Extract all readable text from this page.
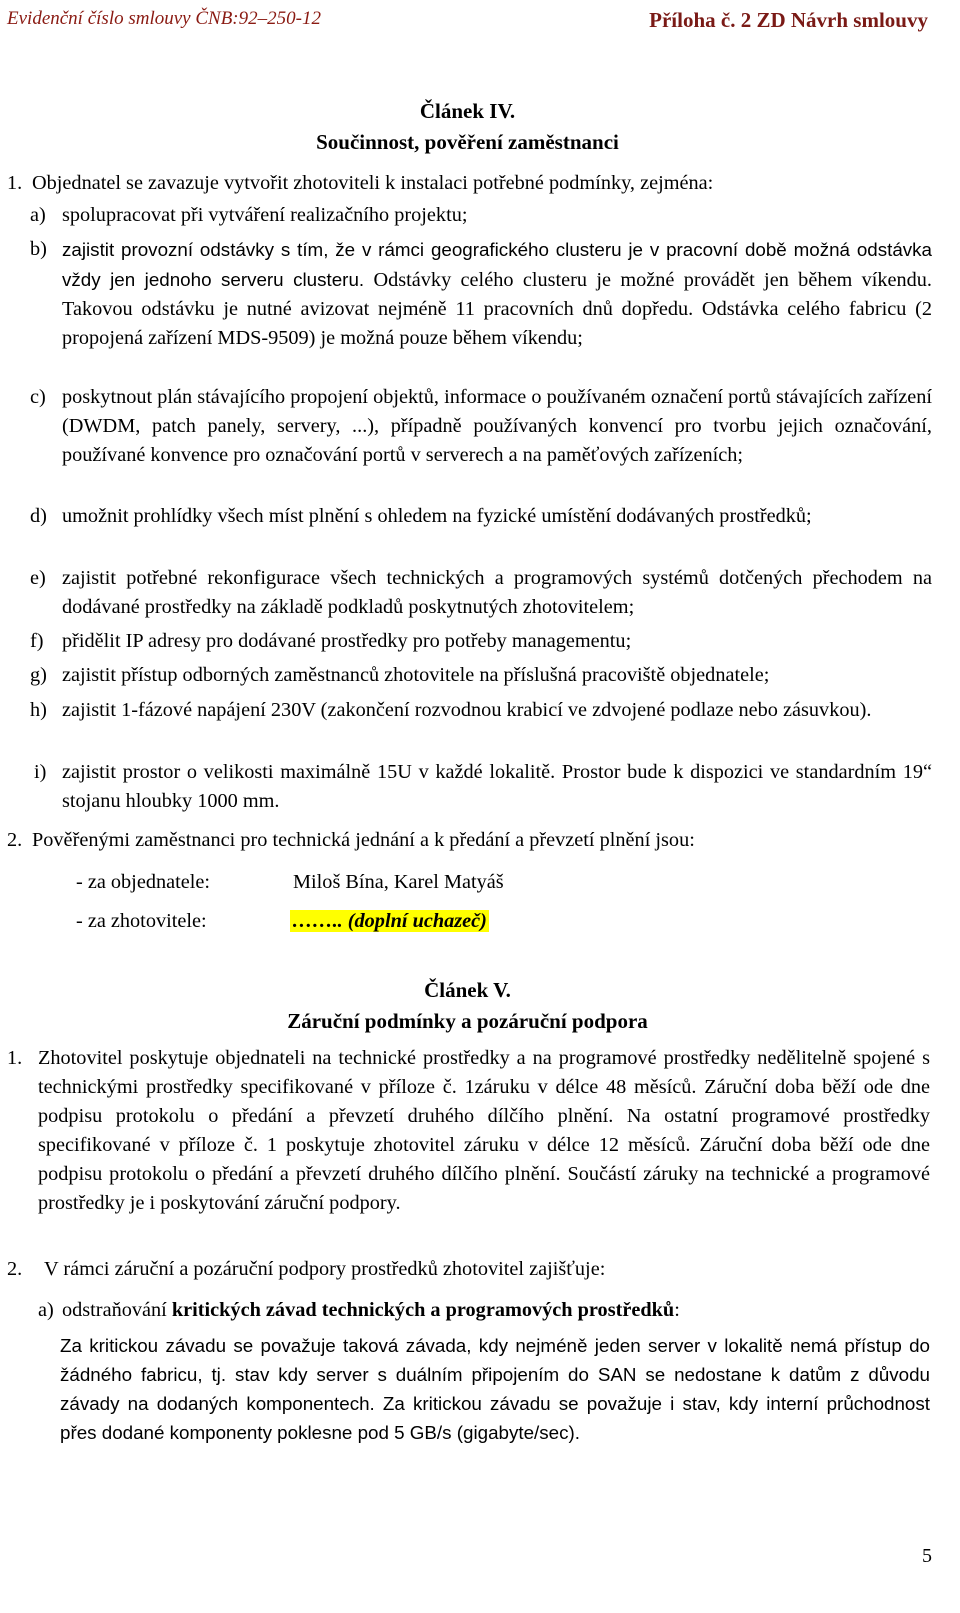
Evidenční číslo smlouvy ČNB:92–250-12	Příloha č. 2 ZD Návrh smlouvy
Článek IV.
Součinnost, pověření zaměstnanci
1. Objednatel se zavazuje vytvořit zhotoviteli k instalaci potřebné podmínky, zejména:
a) spolupracovat při vytváření realizačního projektu;
b) zajistit provozní odstávky s tím, že v rámci geografického clusteru je v pracovní době možná odstávka vždy jen jednoho serveru clusteru. Odstávky celého clusteru je možné provádět jen během víkendu. Takovou odstávku je nutné avizovat nejméně 11 pracovních dnů dopředu. Odstávka celého fabricu (2 propojená zařízení MDS-9509) je možná pouze během víkendu;
c) poskytnout plán stávajícího propojení objektů, informace o používaném označení portů stávajících zařízení (DWDM, patch panely, servery, ...), případně používaných konvencí pro tvorbu jejich označování, používané konvence pro označování portů v serverech a na paměťových zařízeních;
d) umožnit prohlídky všech míst plnění s ohledem na fyzické umístění dodávaných prostředků;
e) zajistit potřebné rekonfigurace všech technických a programových systémů dotčených přechodem na dodávané prostředky na základě podkladů poskytnutých zhotovitelem;
f) přidělit IP adresy pro dodávané prostředky pro potřeby managementu;
g) zajistit přístup odborných zaměstnanců zhotovitele na příslušná pracoviště objednatele;
h) zajistit 1-fázové napájení 230V (zakončení rozvodnou krabicí ve zdvojené podlaze nebo zásuvkou).
i) zajistit prostor o velikosti maximálně 15U v každé lokalitě. Prostor bude k dispozici ve standardním 19“ stojanu hloubky 1000 mm.
2. Pověřenými zaměstnanci pro technická jednání a k předání a převzetí plnění jsou:
- za objednatele:	Miloš Bína, Karel Matyáš
- za zhotovitele:	…….. (doplní uchazeč)
Článek V.
Záruční podmínky a pozáruční podpora
1. Zhotovitel poskytuje objednateli na technické prostředky a na programové prostředky nedělitelně spojené s technickými prostředky specifikované v příloze č. 1záruku v délce 48 měsíců. Záruční doba běží ode dne podpisu protokolu o předání a převzetí druhého dílčího plnění. Na ostatní programové prostředky specifikované v příloze č. 1 poskytuje zhotovitel záruku v délce 12 měsíců. Záruční doba běží ode dne podpisu protokolu o předání a převzetí druhého dílčího plnění. Součástí záruky na technické a programové prostředky je i poskytování záruční podpory.
2. V rámci záruční a pozáruční podpory prostředků zhotovitel zajišťuje:
a) odstraňování kritických závad technických a programových prostředků:
Za kritickou závadu se považuje taková závada, kdy nejméně jeden server v lokalitě nemá přístup do žádného fabricu, tj. stav kdy server s duálním připojením do SAN se nedostane k datům z důvodu závady na dodaných komponentech. Za kritickou závadu se považuje i stav, kdy interní průchodnost přes dodané komponenty poklesne pod 5 GB/s (gigabyte/sec).
5
